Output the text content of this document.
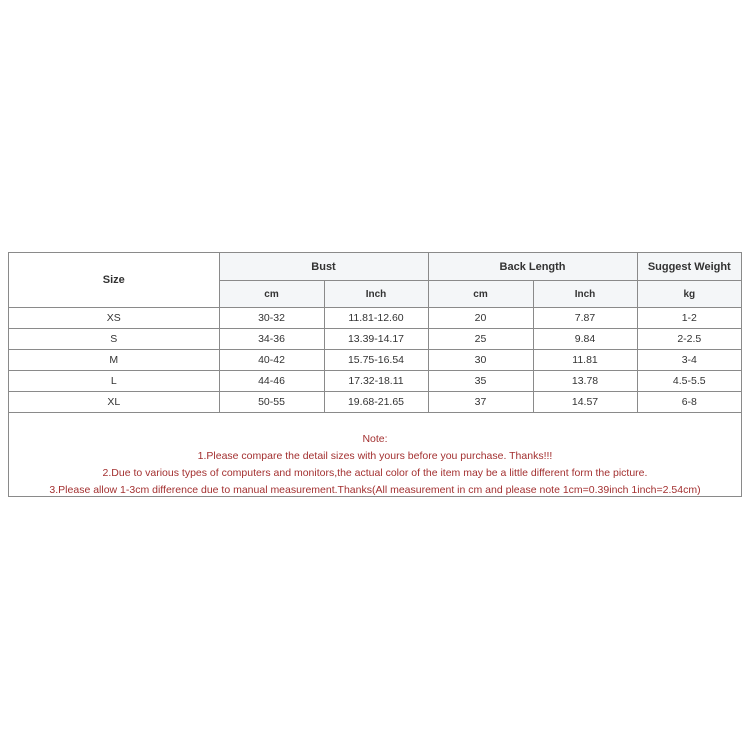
Size	Bust		Back Length		Suggest Weight
	cm	Inch	cm	Inch	kg
XS	30-32	11.81-12.60	20	7.87	1-2
S	34-36	13.39-14.17	25	9.84	2-2.5
M	40-42	15.75-16.54	30	11.81	3-4
L	44-46	17.32-18.11	35	13.78	4.5-5.5
XL	50-55	19.68-21.65	37	14.57	6-8
Note:
1.Please compare the detail sizes with yours before you purchase. Thanks!!!
2.Due to various types of computers and monitors,the actual color of the item may be a little different form the picture.
3.Please allow 1-3cm difference due to manual measurement.Thanks(All measurement in cm and please note 1cm=0.39inch 1inch=2.54cm)
